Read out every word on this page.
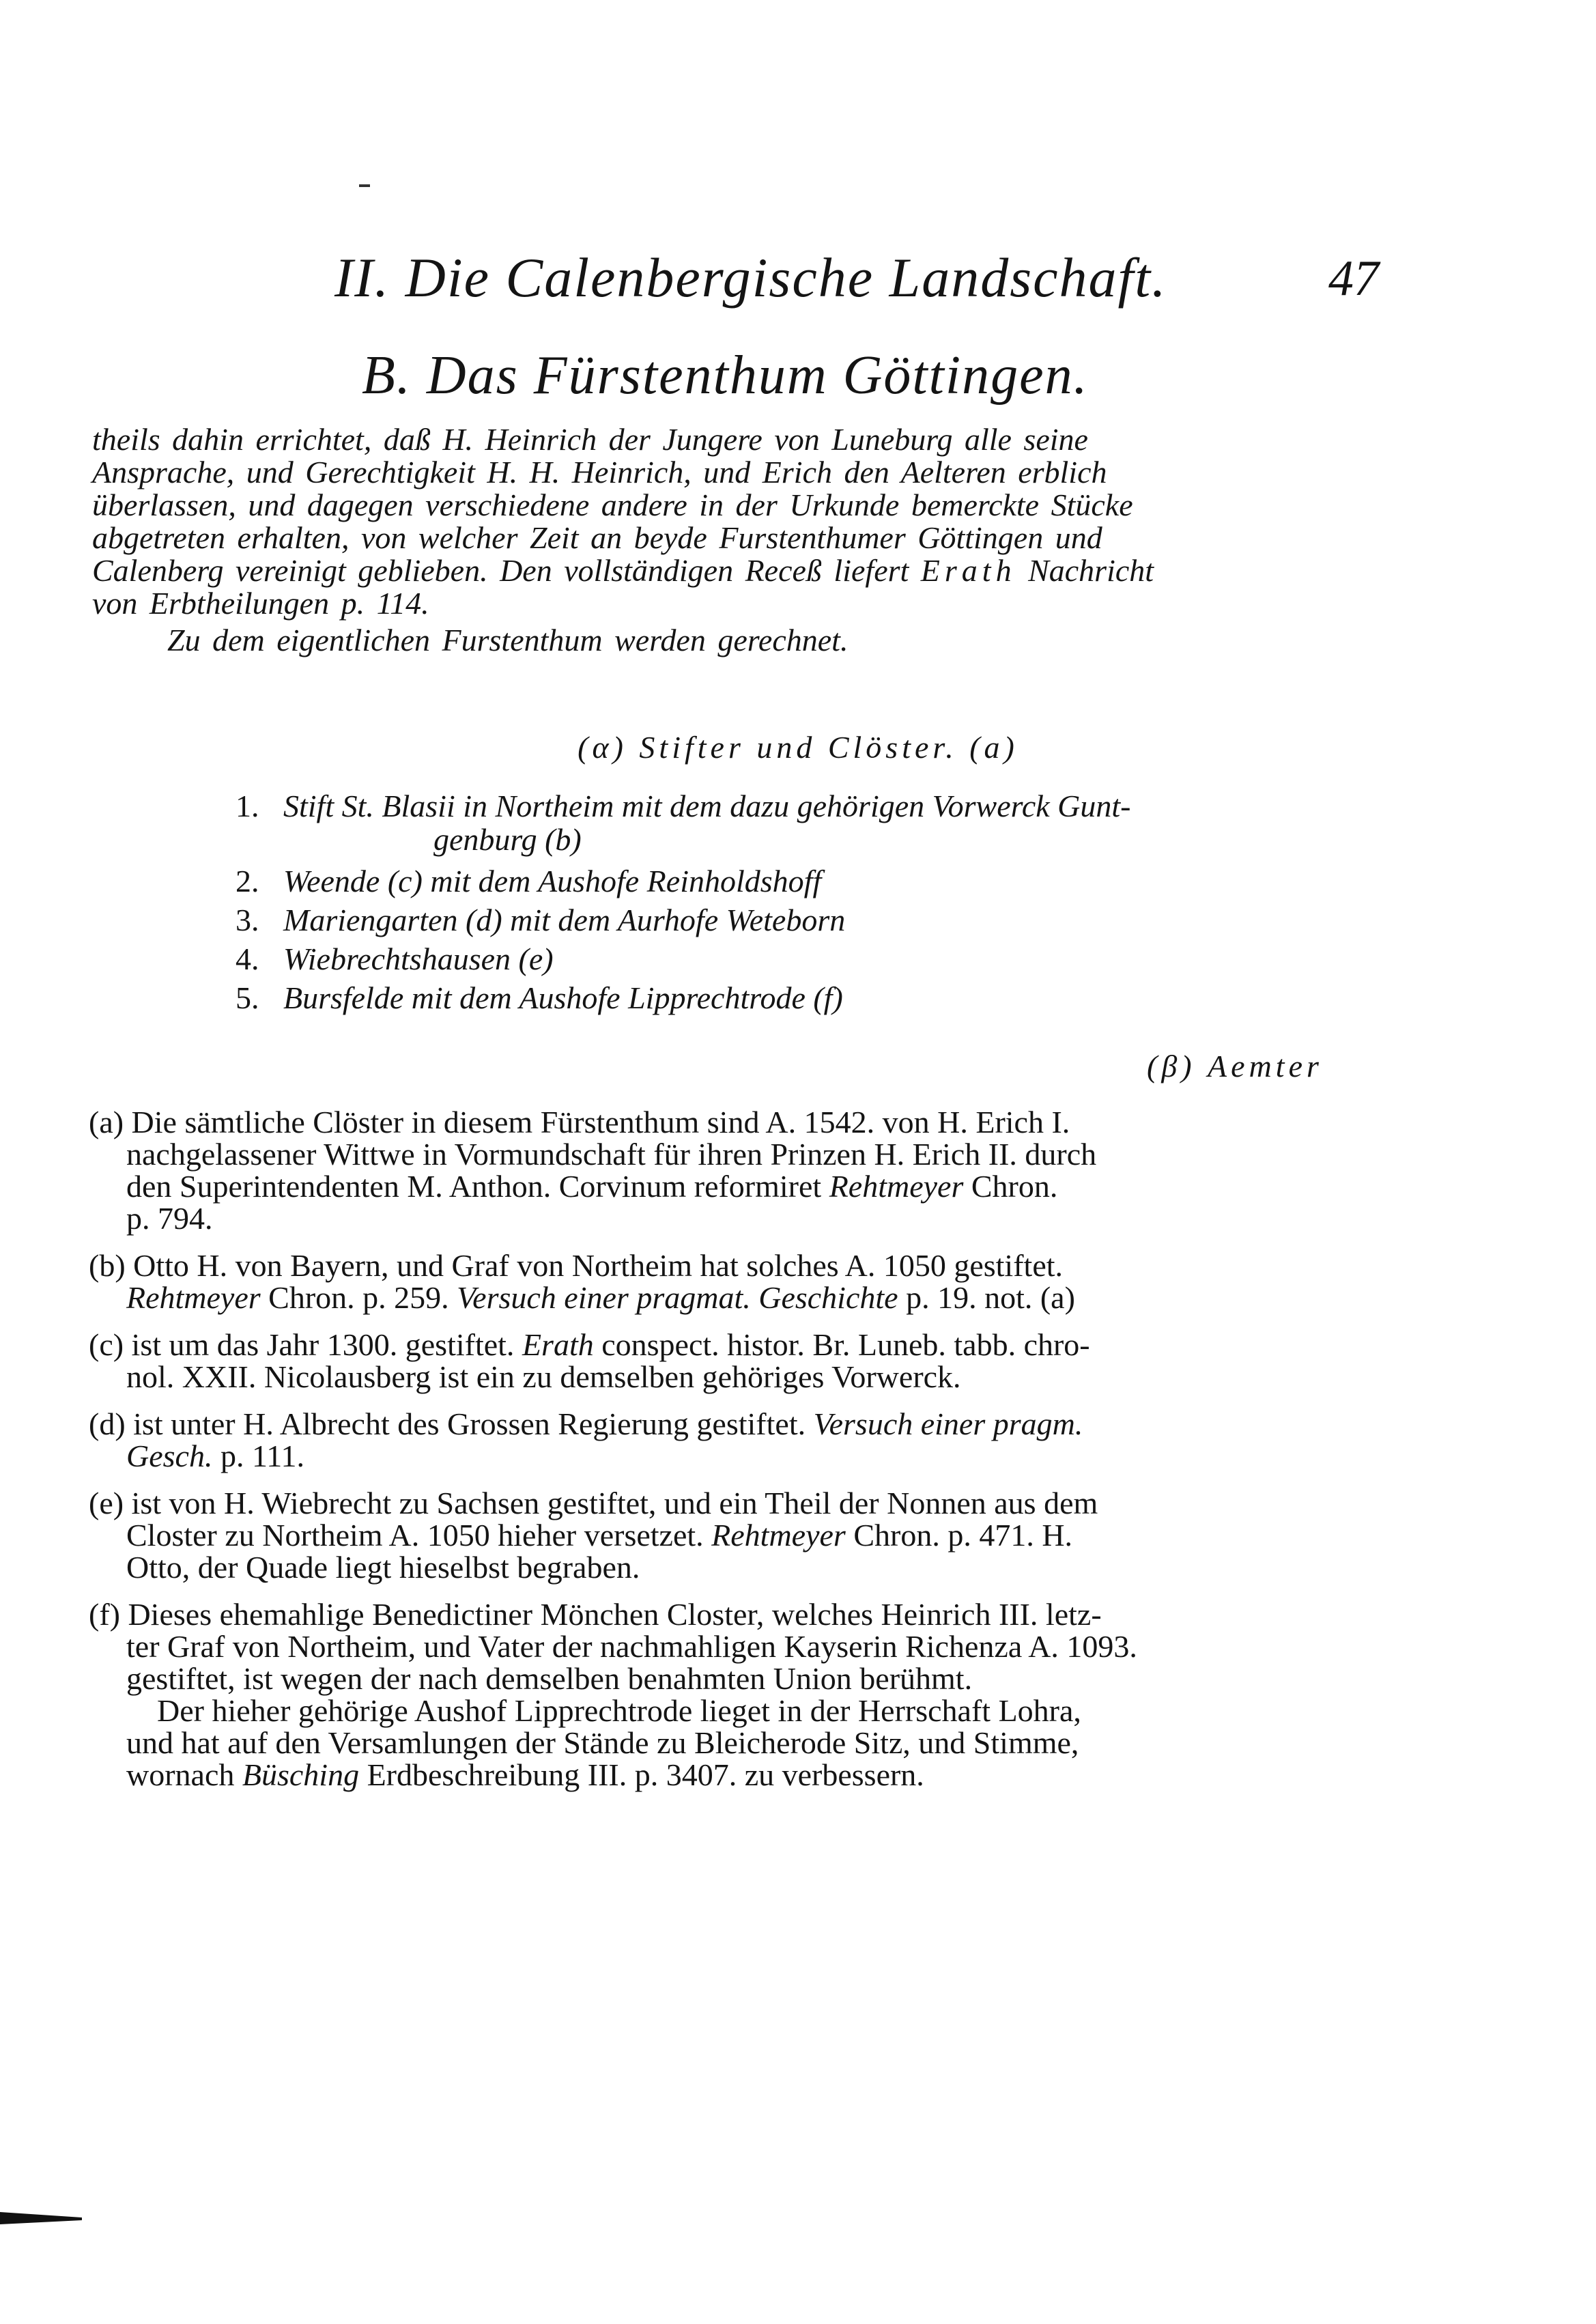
II. Die Calenbergische Landschaft.	47
B. Das Fürstenthum Göttingen.

theils dahin errichtet, daß H. Heinrich der Jungere von Luneburg alle seine

Ansprache, und Gerechtigkeit H. H. Heinrich, und Erich den Aelteren erblich

überlassen, und dagegen verschiedene andere in der Urkunde bemerckte Stücke

abgetreten erhalten, von welcher Zeit an beyde Furstenthumer Göttingen und

Calenberg vereinigt geblieben. Den vollständigen Receß liefert Erath Nachricht

von Erbtheilungen p. 114.

Zu dem eigentlichen Furstenthum werden gerechnet.

(α) Stifter und Clöster. (a)
1. Stift St. Blasii in Northeim mit dem dazu gehörigen Vorwerck Gunt-
genburg (b)
2. Weende (c) mit dem Aushofe Reinholdshoff
3. Mariengarten (d) mit dem Aurhofe Weteborn
4. Wiebrechtshausen (e)
5. Bursfelde mit dem Aushofe Lipprechtrode (f)
(β) Aemter
(a) Die sämtliche Clöster in diesem Fürstenthum sind A. 1542. von H. Erich I.
nachgelassener Wittwe in Vormundschaft für ihren Prinzen H. Erich II. durch
den Superintendenten M. Anthon. Corvinum reformiret Rehtmeyer Chron.
p. 794.
(b) Otto H. von Bayern, und Graf von Northeim hat solches A. 1050 gestiftet.
Rehtmeyer Chron. p. 259. Versuch einer pragmat. Geschichte p. 19. not. (a)
(c) ist um das Jahr 1300. gestiftet. Erath conspect. histor. Br. Luneb. tabb. chro-
nol. XXII. Nicolausberg ist ein zu demselben gehöriges Vorwerck.
(d) ist unter H. Albrecht des Grossen Regierung gestiftet. Versuch einer pragm.
Gesch. p. 111.
(e) ist von H. Wiebrecht zu Sachsen gestiftet, und ein Theil der Nonnen aus dem
Closter zu Northeim A. 1050 hieher versetzet. Rehtmeyer Chron. p. 471. H.
Otto, der Quade liegt hieselbst begraben.
(f) Dieses ehemahlige Benedictiner Mönchen Closter, welches Heinrich III. letz-
ter Graf von Northeim, und Vater der nachmahligen Kayserin Richenza A. 1093.
gestiftet, ist wegen der nach demselben benahmten Union berühmt.
Der hieher gehörige Aushof Lipprechtrode lieget in der Herrschaft Lohra,
und hat auf den Versamlungen der Stände zu Bleicherode Sitz, und Stimme,
wornach Büsching Erdbeschreibung III. p. 3407. zu verbessern.
